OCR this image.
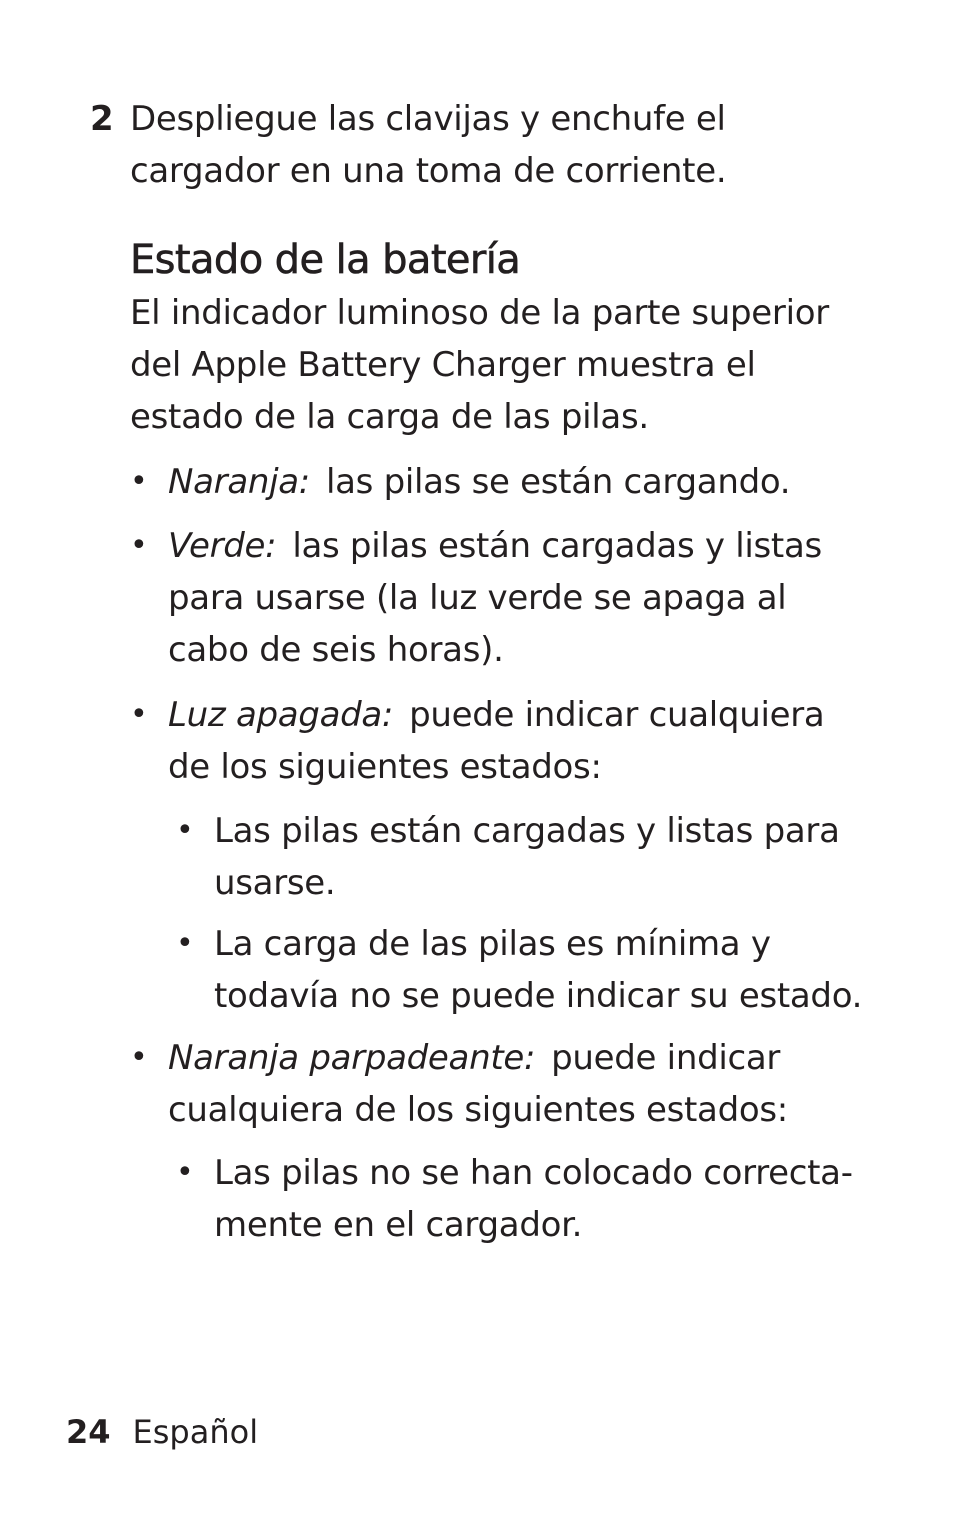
2 Despliegue las clavijas y enchufe el cargador en una toma de corriente.
Estado de la batería
El indicador luminoso de la parte superior del Apple Battery Charger muestra el estado de la carga de las pilas.
• Naranja: las pilas se están cargando.
• Verde: las pilas están cargadas y listas para usarse (la luz verde se apaga al cabo de seis horas).
• Luz apagada: puede indicar cualquiera de los siguientes estados:
• Las pilas están cargadas y listas para usarse.
• La carga de las pilas es mínima y todavía no se puede indicar su estado.
• Naranja parpadeante: puede indicar cualquiera de los siguientes estados:
• Las pilas no se han colocado correcta-mente en el cargador.
24 Español
